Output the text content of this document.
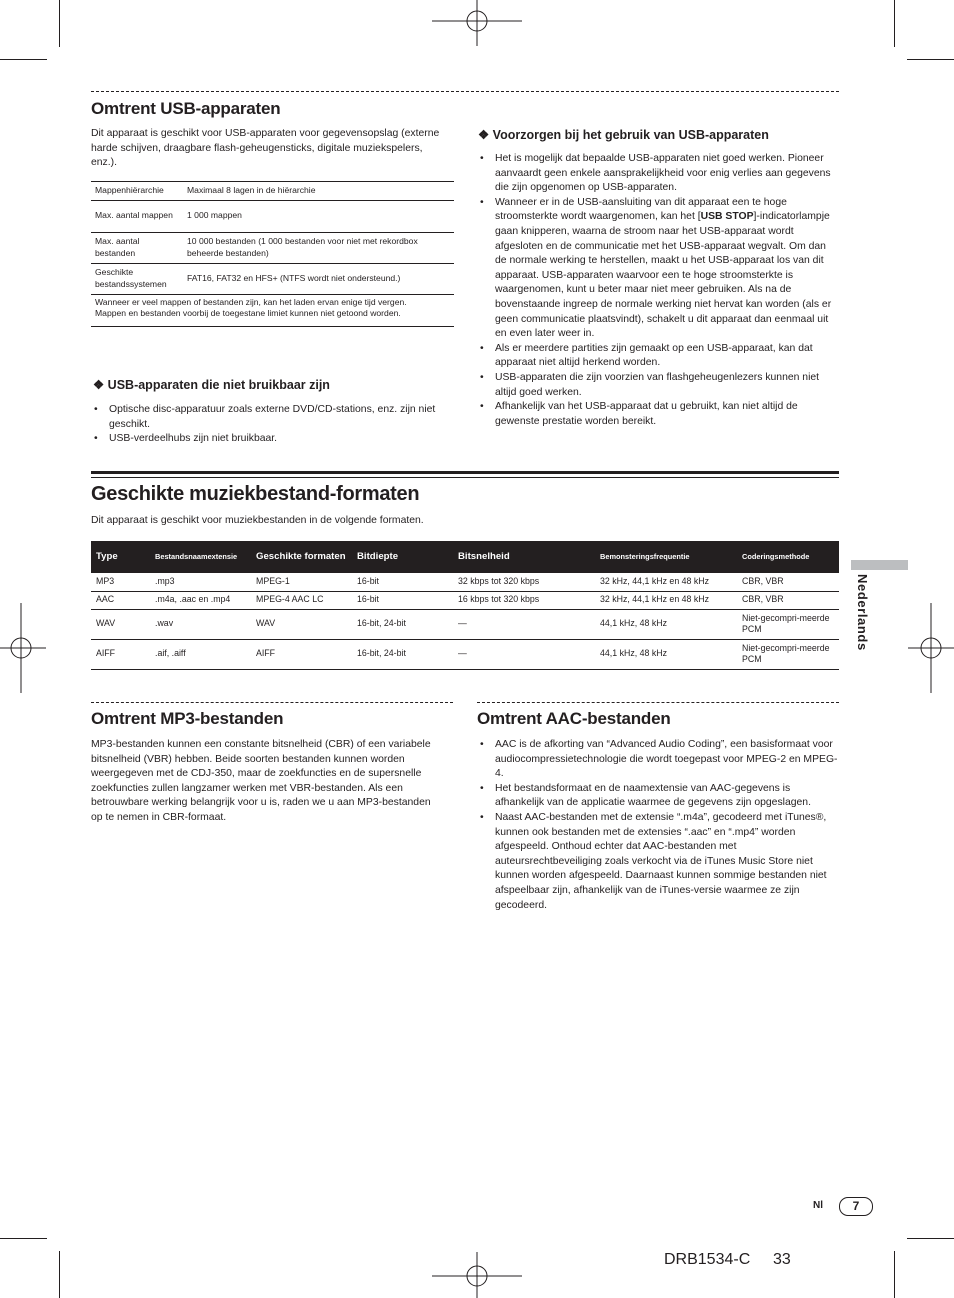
Omtrent USB-apparaten

Dit apparaat is geschikt voor USB-apparaten voor gegevensopslag (externe harde schijven, draagbare flash-geheugensticks, digitale muziekspelers, enz.).

Mappenhiërarchie	Maximaal 8 lagen in de hiërarchie
Max. aantal mappen	1 000 mappen
Max. aantal bestanden	10 000 bestanden (1 000 bestanden voor niet met rekordbox beheerde bestanden)
Geschikte bestandssystemen	FAT16, FAT32 en HFS+ (NTFS wordt niet ondersteund.)

Wanneer er veel mappen of bestanden zijn, kan het laden ervan enige tijd vergen.
Mappen en bestanden voorbij de toegestane limiet kunnen niet getoond worden.	
❖ USB-apparaten die niet bruikbaar zijn
• Optische disc-apparatuur zoals externe DVD/CD-stations, enz. zijn niet geschikt.
• USB-verdeelhubs zijn niet bruikbaar.
❖ Voorzorgen bij het gebruik van USB-apparaten
• Het is mogelijk dat bepaalde USB-apparaten niet goed werken. Pioneer aanvaardt geen enkele aansprakelijkheid voor enig verlies aan gegevens die zijn opgenomen op USB-apparaten.
• Wanneer er in de USB-aansluiting van dit apparaat een te hoge stroomsterkte wordt waargenomen, kan het [USB STOP]-indicatorlampje gaan knipperen, waarna de stroom naar het USB-apparaat wordt afgesloten en de communicatie met het USB-apparaat wegvalt. Om dan de normale werking te herstellen, maakt u het USB-apparaat los van dit apparaat. USB-apparaten waarvoor een te hoge stroomsterkte is waargenomen, kunt u beter maar niet meer gebruiken. Als na de bovenstaande ingreep de normale werking niet hervat kan worden (als er geen communicatie plaatsvindt), schakelt u dit apparaat dan eenmaal uit en even later weer in.
• Als er meerdere partities zijn gemaakt op een USB-apparaat, kan dat apparaat niet altijd herkend worden.
• USB-apparaten die zijn voorzien van flashgeheugenlezers kunnen niet altijd goed werken.
• Afhankelijk van het USB-apparaat dat u gebruikt, kan niet altijd de gewenste prestatie worden bereikt.
Geschikte muziekbestand-formaten

Dit apparaat is geschikt voor muziekbestanden in de volgende formaten.

Type	Bestandsnaamextensie	Geschikte formaten	Bitdiepte	Bitsnelheid	Bemonsteringsfrequentie	Coderingsmethode
MP3	.mp3	MPEG-1	16-bit	32 kbps tot 320 kbps	32 kHz, 44,1 kHz en 48 kHz	CBR, VBR
AAC	.m4a, .aac en .mp4	MPEG-4 AAC LC	16-bit	16 kbps tot 320 kbps	32 kHz, 44,1 kHz en 48 kHz	CBR, VBR
WAV	.wav	WAV	16-bit, 24-bit	—	44,1 kHz, 48 kHz	Niet-gecompri-meerde PCM
AIFF	.aif, .aiff	AIFF	16-bit, 24-bit	—	44,1 kHz, 48 kHz	Niet-gecompri-meerde PCM
Nederlands
Omtrent MP3-bestanden

MP3-bestanden kunnen een constante bitsnelheid (CBR) of een variabele bitsnelheid (VBR) hebben. Beide soorten bestanden kunnen worden weergegeven met de CDJ-350, maar de zoekfuncties en de supersnelle zoekfuncties zullen langzamer werken met VBR-bestanden. Als een betrouwbare werking belangrijk voor u is, raden we u aan MP3-bestanden op te nemen in CBR-formaat.

Omtrent AAC-bestanden
• AAC is de afkorting van “Advanced Audio Coding”, een basisformaat voor audiocompressietechnologie die wordt toegepast voor MPEG-2 en MPEG-4.
• Het bestandsformaat en de naamextensie van AAC-gegevens is afhankelijk van de applicatie waarmee de gegevens zijn opgeslagen.
• Naast AAC-bestanden met de extensie “.m4a”, gecodeerd met iTunes®, kunnen ook bestanden met de extensies “.aac” en “.mp4” worden afgespeeld. Onthoud echter dat AAC-bestanden met auteursrechtbeveiliging zoals verkocht via de iTunes Music Store niet kunnen worden afgespeeld. Daarnaast kunnen sommige bestanden niet afspeelbaar zijn, afhankelijk van de iTunes-versie waarmee ze zijn gecodeerd.
Nl	7
DRB1534-C 33
